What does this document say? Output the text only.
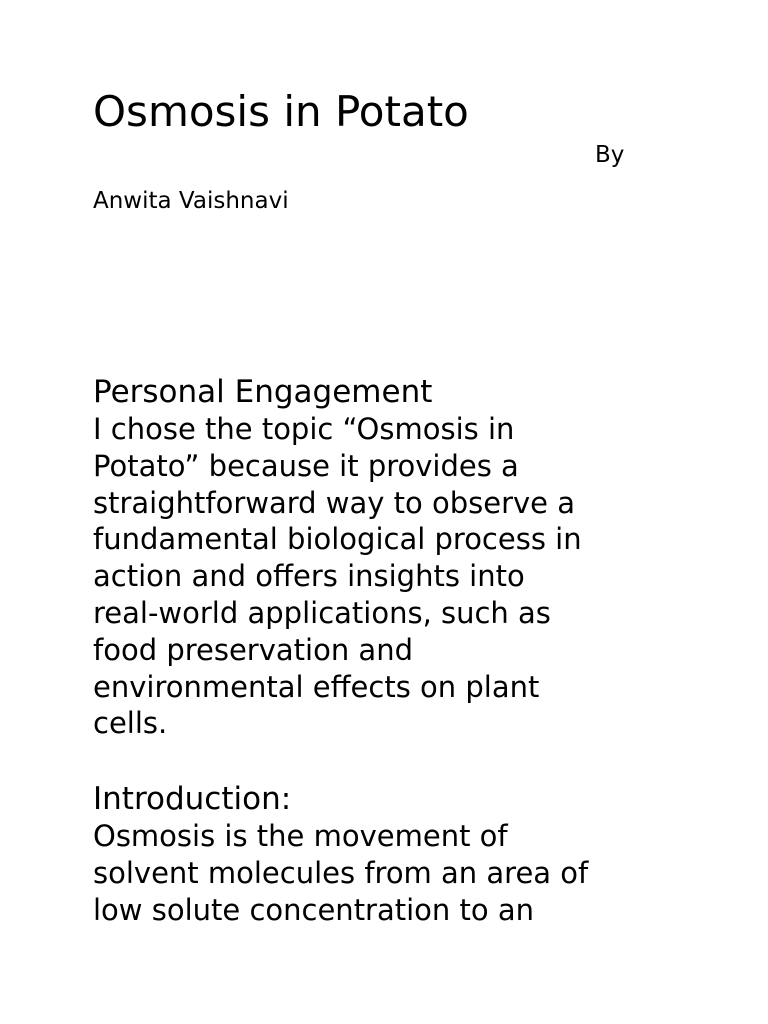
Osmosis in Potato

By

Anwita Vaishnavi

Personal Engagement

I chose the topic “Osmosis in
Potato” because it provides a
straightforward way to observe a
fundamental biological process in
action and offers insights into
real-world applications, such as
food preservation and
environmental effects on plant
cells.

Introduction:

Osmosis is the movement of
solvent molecules from an area of
low solute concentration to an
